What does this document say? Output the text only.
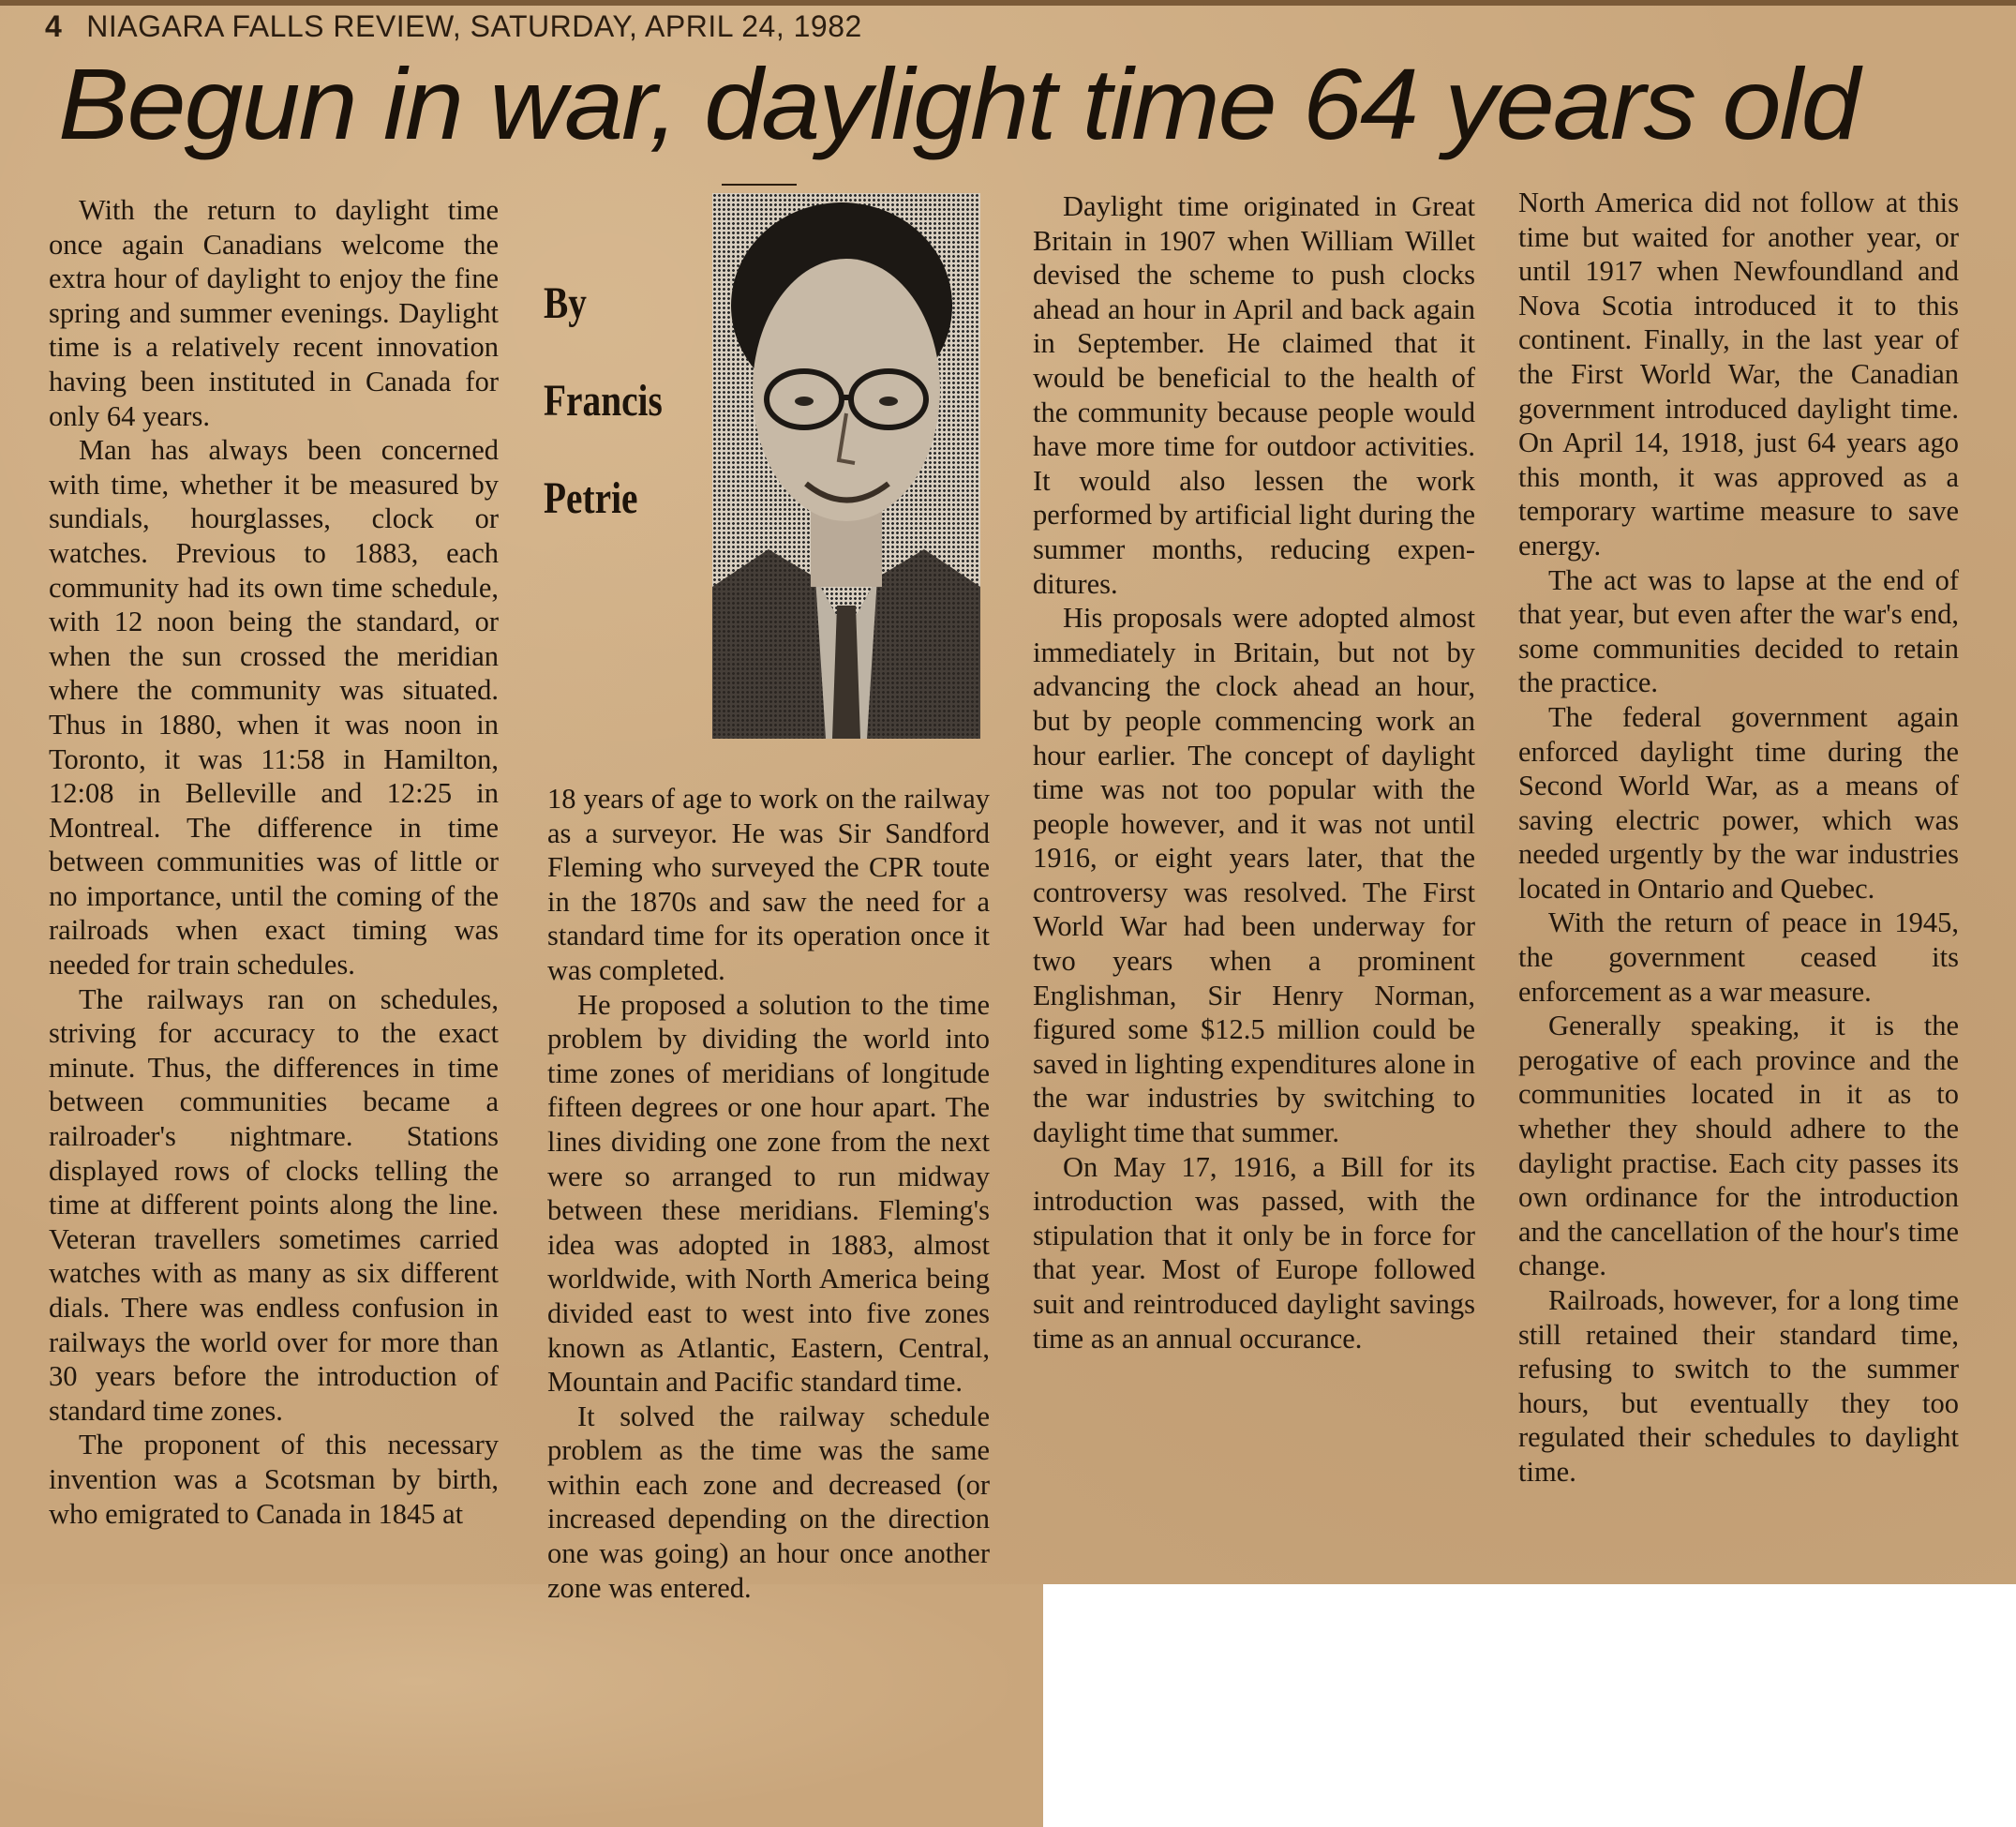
4 NIAGARA FALLS REVIEW, SATURDAY, APRIL 24, 1982
Begun in war, daylight time 64 years old

With the return to daylight time once again Canadians welcome the extra hour of daylight to enjoy the fine spring and summer evenings. Daylight time is a relatively recent innovation having been instituted in Canada for only 64 years.

Man has always been concerned with time, whether it be measured by sundials, hourglasses, clock or watches. Previous to 1883, each community had its own time schedule, with 12 noon being the standard, or when the sun crossed the meridian where the community was situated. Thus in 1880, when it was noon in Toronto, it was 11:58 in Hamilton, 12:08 in Belleville and 12:25 in Montreal. The difference in time between communities was of little or no importance, until the coming of the railroads when exact timing was needed for train schedules.

The railways ran on schedules, striving for accuracy to the exact minute. Thus, the differences in time between communities became a railroader's nightmare. Stations displayed rows of clocks telling the time at different points along the line. Veteran travellers sometimes carried watches with as many as six different dials. There was endless confusion in railways the world over for more than 30 years before the introduction of standard time zones.

The proponent of this necessary invention was a Scotsman by birth, who emigrated to Canada in 1845 at

By
Francis
Petrie

18 years of age to work on the railway as a surveyor. He was Sir Sandford Fleming who surveyed the CPR toute in the 1870s and saw the need for a standard time for its operation once it was completed.

He proposed a solution to the time problem by dividing the world into time zones of meridians of longitude fifteen degrees or one hour apart. The lines dividing one zone from the next were so arranged to run midway between these meridians. Fleming's idea was adopted in 1883, almost worldwide, with North America being divided east to west into five zones known as Atlantic, Eastern, Central, Mountain and Pacific standard time.

It solved the railway schedule problem as the time was the same within each zone and decreased (or increased depending on the direction one was going) an hour once another zone was entered.

Daylight time originated in Great Britain in 1907 when William Willet devised the scheme to push clocks ahead an hour in April and back again in September. He claimed that it would be beneficial to the health of the community because people would have more time for outdoor activities. It would also lessen the work performed by artificial light during the summer months, reducing expenditures.

His proposals were adopted almost immediately in Britain, but not by advancing the clock ahead an hour, but by people commencing work an hour earlier. The concept of daylight time was not too popular with the people however, and it was not until 1916, or eight years later, that the controversy was resolved. The First World War had been underway for two years when a prominent Englishman, Sir Henry Norman, figured some $12.5 million could be saved in lighting expenditures alone in the war industries by switching to daylight time that summer.

On May 17, 1916, a Bill for its introduction was passed, with the stipulation that it only be in force for that year. Most of Europe followed suit and reintroduced daylight savings time as an annual occurance.

North America did not follow at this time but waited for another year, or until 1917 when Newfoundland and Nova Scotia introduced it to this continent. Finally, in the last year of the First World War, the Canadian government introduced daylight time. On April 14, 1918, just 64 years ago this month, it was approved as a temporary wartime measure to save energy.

The act was to lapse at the end of that year, but even after the war's end, some communities decided to retain the practice.

The federal government again enforced daylight time during the Second World War, as a means of saving electric power, which was needed urgently by the war industries located in Ontario and Quebec.

With the return of peace in 1945, the government ceased its enforcement as a war measure.

Generally speaking, it is the perogative of each province and the communities located in it as to whether they should adhere to the daylight practise. Each city passes its own ordinance for the introduction and the cancellation of the hour's time change.

Railroads, however, for a long time still retained their standard time, refusing to switch to the summer hours, but eventually they too regulated their schedules to daylight time.
